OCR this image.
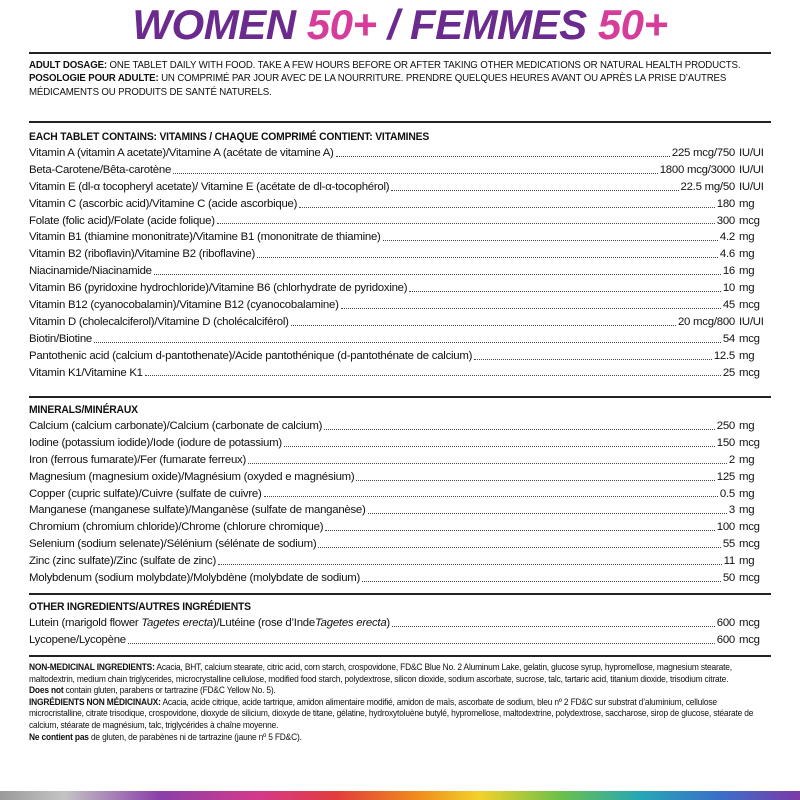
WOMEN 50+ / FEMMES 50+
ADULT DOSAGE: ONE TABLET DAILY WITH FOOD. TAKE A FEW HOURS BEFORE OR AFTER TAKING OTHER MEDICATIONS OR NATURAL HEALTH PRODUCTS.
POSOLOGIE POUR ADULTE: UN COMPRIMÉ PAR JOUR AVEC DE LA NOURRITURE. PRENDRE QUELQUES HEURES AVANT OU APRÈS LA PRISE D’AUTRES MÉDICAMENTS OU PRODUITS DE SANTÉ NATURELS.
EACH TABLET CONTAINS: VITAMINS / CHAQUE COMPRIMÉ CONTIENT: VITAMINES
Vitamin A (vitamin A acetate)/Vitamine A (acétate de vitamine A)	225 mcg/750 IU/UI
Beta-Carotene/Bêta-carotène	1800 mcg/3000 IU/UI
Vitamin E (dl-α tocopheryl acetate)/ Vitamine E (acétate de dl-α-tocophérol)	22.5 mg/50 IU/UI
Vitamin C (ascorbic acid)/Vitamine C (acide ascorbique)	180 mg
Folate (folic acid)/Folate (acide folique)	300 mcg
Vitamin B1 (thiamine mononitrate)/Vitamine B1 (mononitrate de thiamine)	4.2 mg
Vitamin B2 (riboflavin)/Vitamine B2 (riboflavine)	4.6 mg
Niacinamide/Niacinamide	16 mg
Vitamin B6 (pyridoxine hydrochloride)/Vitamine B6 (chlorhydrate de pyridoxine)	10 mg
Vitamin B12 (cyanocobalamin)/Vitamine B12 (cyanocobalamine)	45 mcg
Vitamin D (cholecalciferol)/Vitamine D (cholécalciférol)	20 mcg/800 IU/UI
Biotin/Biotine	54 mcg
Pantothenic acid (calcium d-pantothenate)/Acide pantothénique (d-pantothénate de calcium)	12.5 mg
Vitamin K1/Vitamine K1	25 mcg
MINERALS/MINÉRAUX
Calcium (calcium carbonate)/Calcium (carbonate de calcium)	250 mg
Iodine (potassium iodide)/Iode (iodure de potassium)	150 mcg
Iron (ferrous fumarate)/Fer (fumarate ferreux)	2 mg
Magnesium (magnesium oxide)/Magnésium (oxyded e magnésium)	125 mg
Copper (cupric sulfate)/Cuivre (sulfate de cuivre)	0.5 mg
Manganese (manganese sulfate)/Manganèse (sulfate de manganèse)	3 mg
Chromium (chromium chloride)/Chrome (chlorure chromique)	100 mcg
Selenium (sodium selenate)/Sélénium (sélénate de sodium)	55 mcg
Zinc (zinc sulfate)/Zinc (sulfate de zinc)	11 mg
Molybdenum (sodium molybdate)/Molybdène (molybdate de sodium)	50 mcg
OTHER INGREDIENTS/AUTRES INGRÉDIENTS
Lutein (marigold flower Tagetes erecta)/Lutéine (rose d’IndeTagetes erecta)	600 mcg
Lycopene/Lycopène	600 mcg

NON-MEDICINAL INGREDIENTS: Acacia, BHT, calcium stearate, citric acid, corn starch, crospovidone, FD&C Blue No. 2 Aluminum Lake, gelatin, glucose syrup, hypromellose, magnesium stearate, maltodextrin, medium chain triglycerides, microcrystalline cellulose, modified food starch, polydextrose, silicon dioxide, sodium ascorbate, sucrose, talc, tartaric acid, titanium dioxide, trisodium citrate.

Does not contain gluten, parabens or tartrazine (FD&C Yellow No. 5).

INGRÉDIENTS NON MÉDICINAUX: Acacia, acide citrique, acide tartrique, amidon alimentaire modifié, amidon de maïs, ascorbate de sodium, bleu nº 2 FD&C sur substrat d’aluminium, cellulose microcristalline, citrate trisodique, crospovidone, dioxyde de silicium, dioxyde de titane, gélatine, hydroxytoluène butylé, hypromellose, maltodextrine, polydextrose, saccharose, sirop de glucose, stéarate de calcium, stéarate de magnésium, talc, triglycérides à chaîne moyenne.

Ne contient pas de gluten, de parabènes ni de tartrazine (jaune nº 5 FD&C).
